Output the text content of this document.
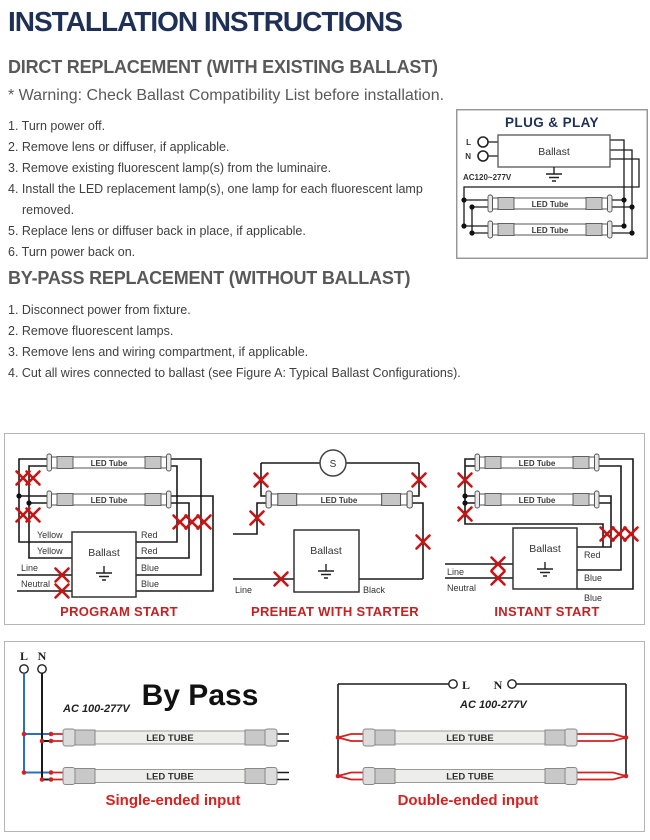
INSTALLATION INSTRUCTIONS
DIRCT REPLACEMENT (WITH EXISTING BALLAST)
* Warning: Check Ballast Compatibility List before installation.
1. Turn power off.
2. Remove lens or diffuser, if applicable.
3. Remove existing fluorescent lamp(s) from the luminaire.
4. Install the LED replacement lamp(s), one lamp for each fluorescent lamp
removed.
5. Replace lens or diffuser back in place, if applicable.
6. Turn power back on.
PLUG & PLAY
Ballast
L
N
AC120~277V
LED Tube
LED Tube
BY-PASS REPLACEMENT (WITHOUT BALLAST)
1. Disconnect power from fixture.
2. Remove fluorescent lamps.
3. Remove lens and wiring compartment, if applicable.
4. Cut all wires connected to ballast (see Figure A: Typical Ballast Configurations).
LED Tube
LED Tube
Ballast
Yellow
Yellow
Line
Neutral
Red
Red
Blue
Blue
PROGRAM START
S
LED Tube
Ballast
Line	Black
PREHEAT WITH STARTER
LED Tube
LED Tube
Ballast
Line
Neutral
Red
Blue
Blue
INSTANT START
By Pass
L N
AC 100-277V
LED TUBE
LED TUBE
Single-ended input
L N
AC 100-277V
LED TUBE
LED TUBE
Double-ended input
